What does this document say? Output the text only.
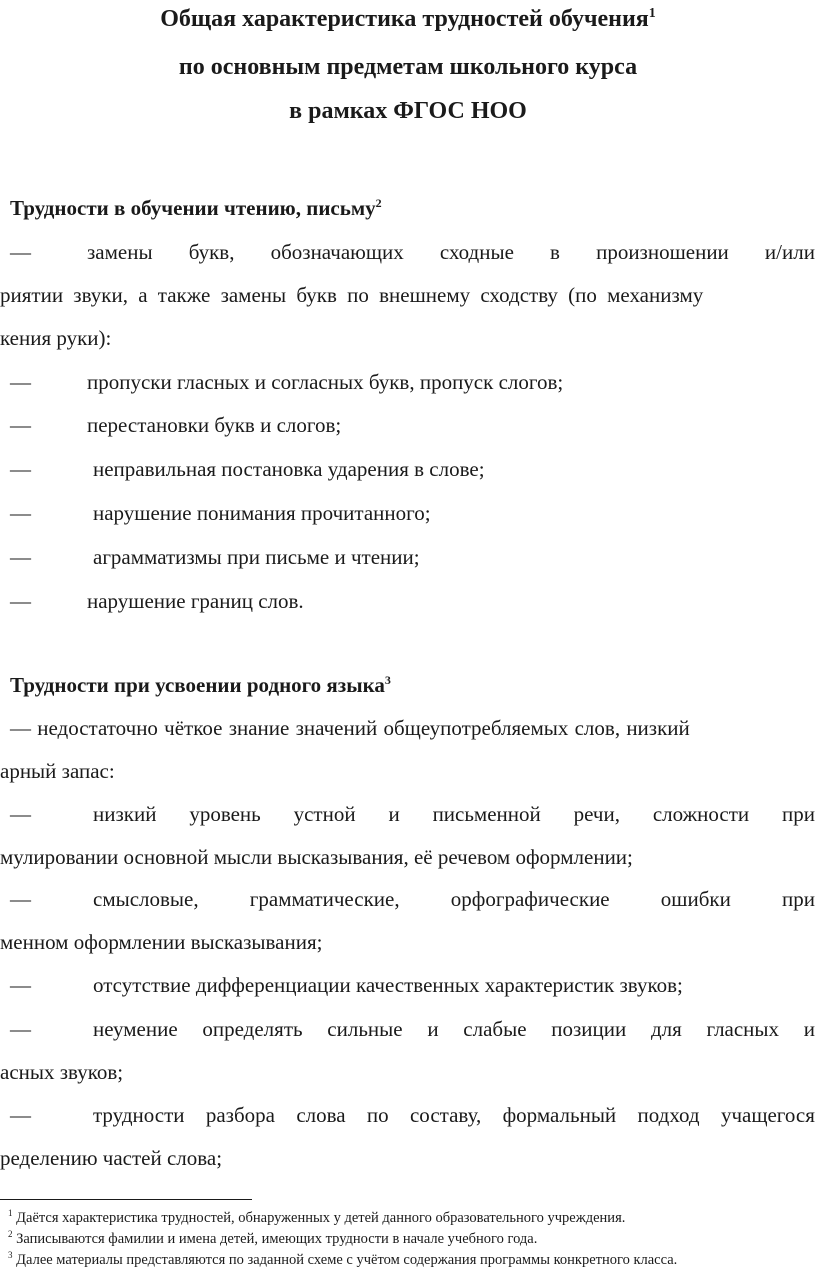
Общая характеристика трудностей обучения$^1$
по основным предметам школьного курса
в рамках ФГОС НОО
Трудности в обучении чтению, письму$^2$
—	замены букв, обозначающих сходные в произношении и/или
риятии звуки, а также замены букв по внешнему сходству (по механизму
кения руки):
—	пропуски гласных и согласных букв, пропуск слогов;
—	перестановки букв и слогов;
—	неправильная постановка ударения в слове;
—	нарушение понимания прочитанного;
—	аграмматизмы при письме и чтении;
—	нарушение границ слов.
Трудности при усвоении родного языка$^3$
— недостаточно чёткое знание значений общеупотребляемых слов, низкий
арный запас:
—	низкий уровень устной и письменной речи, сложности при
мулировании основной мысли высказывания, её речевом оформлении;
—	смысловые, грамматические, орфографические ошибки при
менном оформлении высказывания;
—	отсутствие дифференциации качественных характеристик звуков;
—	неумение определять сильные и слабые позиции для гласных и
асных звуков;
—	трудности разбора слова по составу, формальный подход учащегося
ределению частей слова;
$^1$ Даётся характеристика трудностей, обнаруженных у детей данного образовательного учреждения.
$^2$ Записываются фамилии и имена детей, имеющих трудности в начале учебного года.
$^3$ Далее материалы представляются по заданной схеме с учётом содержания программы конкретного класса.
